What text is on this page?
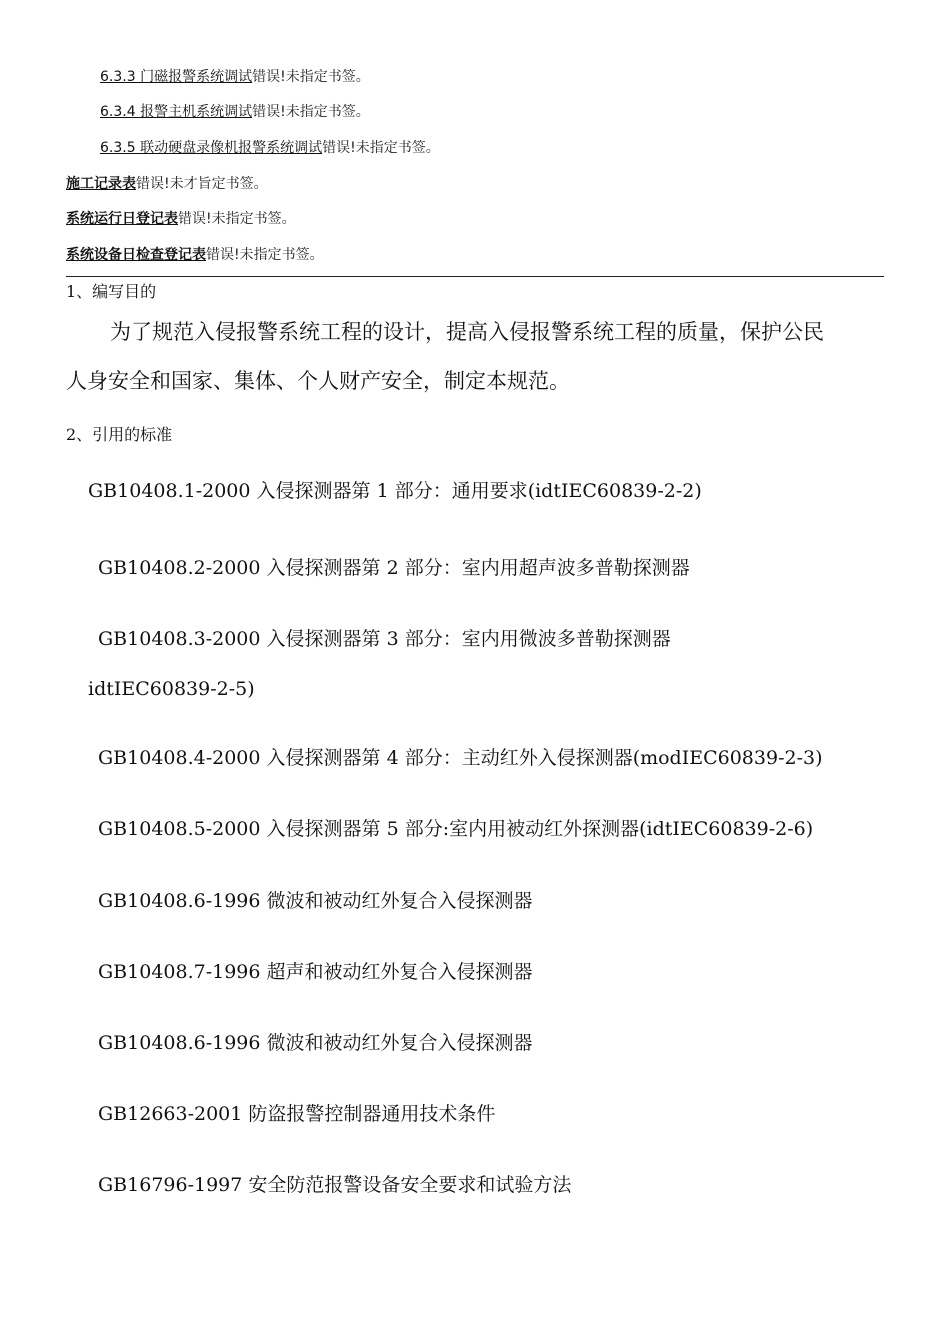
6.3.3 门磁报警系统调试错误!未指定书签。
6.3.4 报警主机系统调试错误!未指定书签。
6.3.5 联动硬盘录像机报警系统调试错误!未指定书签。
施工记录表错误!未才旨定书签。
系统运行日登记表错误!未指定书签。
系统设备日检查登记表错误!未指定书签。
1、编写目的
为了规范入侵报警系统工程的设计，提高入侵报警系统工程的质量，保护公民
人身安全和国家、集体、个人财产安全，制定本规范。
2、引用的标准
GB10408.1-2000 入侵探测器第 1 部分：通用要求(idtIEC60839-2-2)
GB10408.2-2000 入侵探测器第 2 部分：室内用超声波多普勒探测器
GB10408.3-2000 入侵探测器第 3 部分：室内用微波多普勒探测器
idtIEC60839-2-5)
GB10408.4-2000 入侵探测器第 4 部分：主动红外入侵探测器(modIEC60839-2-3)
GB10408.5-2000 入侵探测器第 5 部分:室内用被动红外探测器(idtIEC60839-2-6)
GB10408.6-1996 微波和被动红外复合入侵探测器
GB10408.7-1996 超声和被动红外复合入侵探测器
GB10408.6-1996 微波和被动红外复合入侵探测器
GB12663-2001 防盗报警控制器通用技术条件
GB16796-1997 安全防范报警设备安全要求和试验方法
